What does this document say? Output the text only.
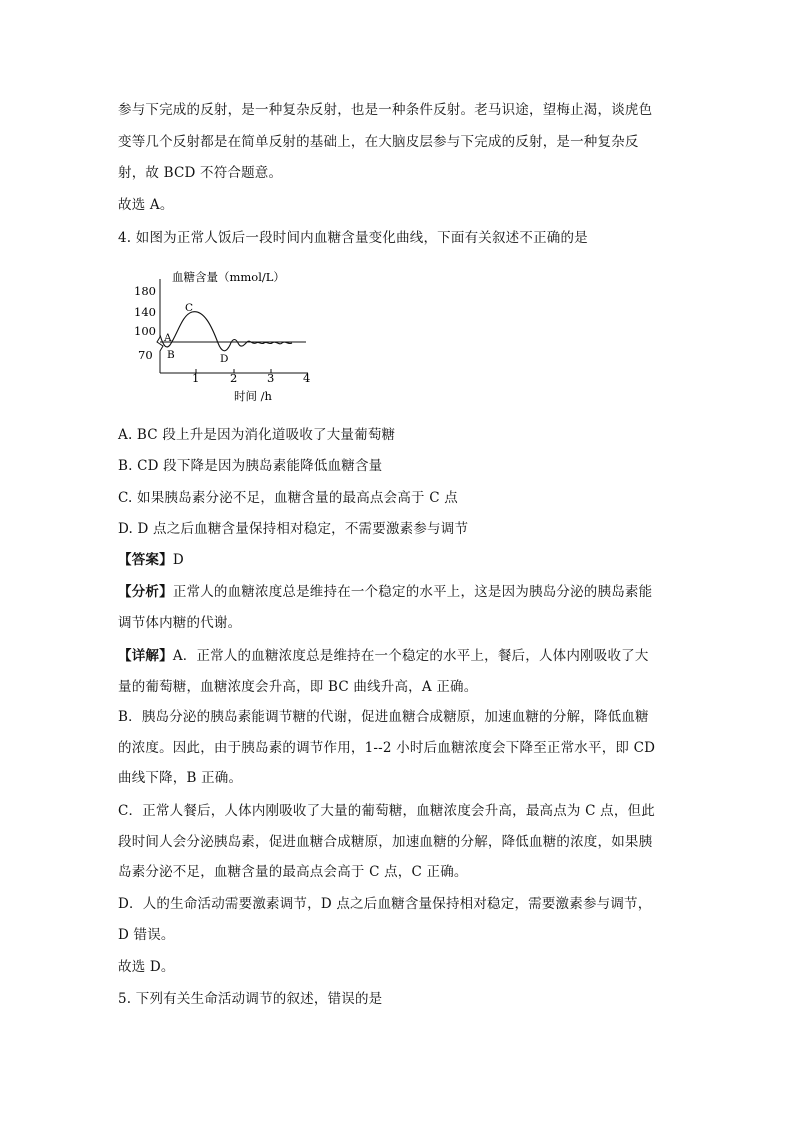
参与下完成的反射，是一种复杂反射，也是一种条件反射。老马识途，望梅止渴，谈虎色
变等几个反射都是在简单反射的基础上，在大脑皮层参与下完成的反射，是一种复杂反
射，故 BCD 不符合题意。
故选 A。
4. 如图为正常人饭后一段时间内血糖含量变化曲线，下面有关叙述不正确的是
血糖含量（mmol/L）
180
140
100
70
1	2	3 4
时间 /h
A
B
C
D
A. BC 段上升是因为消化道吸收了大量葡萄糖
B. CD 段下降是因为胰岛素能降低血糖含量
C. 如果胰岛素分泌不足，血糖含量的最高点会高于 C 点
D. D 点之后血糖含量保持相对稳定，不需要激素参与调节
【答案】D
【分析】正常人的血糖浓度总是维持在一个稳定的水平上，这是因为胰岛分泌的胰岛素能
调节体内糖的代谢。
【详解】A．正常人的血糖浓度总是维持在一个稳定的水平上，餐后，人体内刚吸收了大
量的葡萄糖，血糖浓度会升高，即 BC 曲线升高，A 正确。
B．胰岛分泌的胰岛素能调节糖的代谢，促进血糖合成糖原，加速血糖的分解，降低血糖
的浓度。因此，由于胰岛素的调节作用，1--2 小时后血糖浓度会下降至正常水平，即 CD
曲线下降，B 正确。
C．正常人餐后，人体内刚吸收了大量的葡萄糖，血糖浓度会升高，最高点为 C 点，但此
段时间人会分泌胰岛素，促进血糖合成糖原，加速血糖的分解，降低血糖的浓度，如果胰
岛素分泌不足，血糖含量的最高点会高于 C 点，C 正确。
D．人的生命活动需要激素调节，D 点之后血糖含量保持相对稳定，需要激素参与调节，
D 错误。
故选 D。
5. 下列有关生命活动调节的叙述，错误的是
